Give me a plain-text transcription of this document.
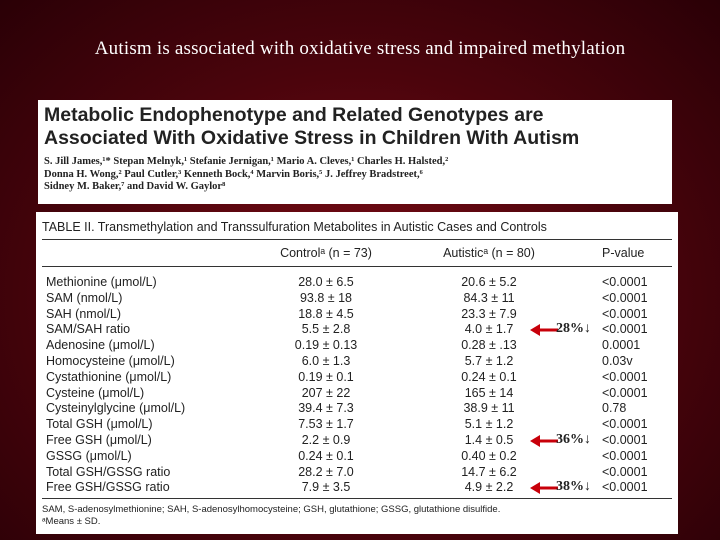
Autism is associated with oxidative stress and impaired methylation
Metabolic Endophenotype and Related Genotypes are
Associated With Oxidative Stress in Children With Autism
S. Jill James,¹* Stepan Melnyk,¹ Stefanie Jernigan,¹ Mario A. Cleves,¹ Charles H. Halsted,²
Donna H. Wong,² Paul Cutler,³ Kenneth Bock,⁴ Marvin Boris,⁵ J. Jeffrey Bradstreet,⁶
Sidney M. Baker,⁷ and David W. Gaylor⁸
TABLE II. Transmethylation and Transsulfuration Metabolites in Autistic Cases and Controls
Controlᵃ (n = 73)	Autisticᵃ (n = 80)	P-value
Methionine (μmol/L)	28.0 ± 6.5	20.6 ± 5.2	<0.0001
SAM (nmol/L)	93.8 ± 18	84.3 ± 11	<0.0001
SAH (nmol/L)	18.8 ± 4.5	23.3 ± 7.9	<0.0001
SAM/SAH ratio	5.5 ± 2.8	4.0 ± 1.7	<0.0001
Adenosine (μmol/L)	0.19 ± 0.13	0.28 ± .13	0.0001
Homocysteine (μmol/L)	6.0 ± 1.3	5.7 ± 1.2	0.03v
Cystathionine (μmol/L)	0.19 ± 0.1	0.24 ± 0.1	<0.0001
Cysteine (μmol/L)	207 ± 22	165 ± 14	<0.0001
Cysteinylglycine (μmol/L)	39.4 ± 7.3	38.9 ± 11	0.78
Total GSH (μmol/L)	7.53 ± 1.7	5.1 ± 1.2	<0.0001
Free GSH (μmol/L)	2.2 ± 0.9	1.4 ± 0.5	<0.0001
GSSG (μmol/L)	0.24 ± 0.1	0.40 ± 0.2	<0.0001
Total GSH/GSSG ratio	28.2 ± 7.0	14.7 ± 6.2	<0.0001
Free GSH/GSSG ratio	7.9 ± 3.5	4.9 ± 2.2	<0.0001
SAM, S-adenosylmethionine; SAH, S-adenosylhomocysteine; GSH, glutathione; GSSG, glutathione disulfide.
ᵃMeans ± SD.
28%↓
36%↓
38%↓
